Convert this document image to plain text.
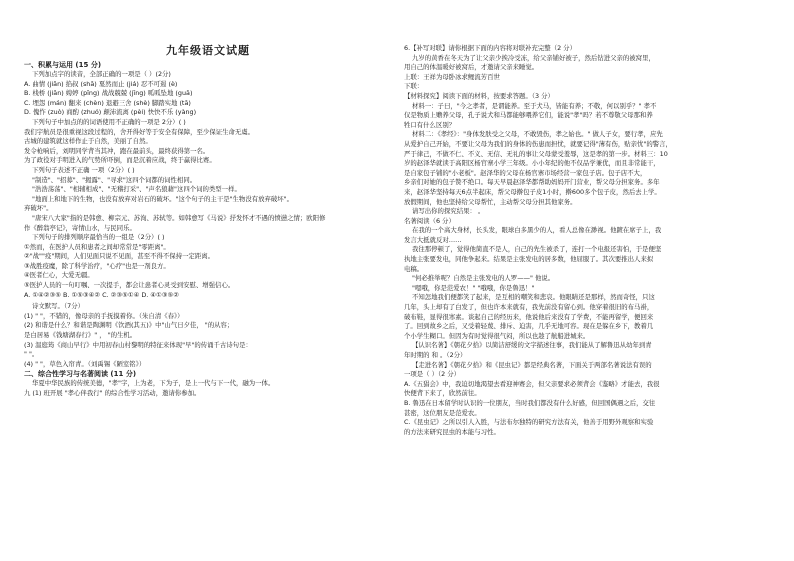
九年级语文试题
一、积累与运用 (15 分)
下列加点字的读音，全部正确的一项是（ ）(2分)
A. 曲情 (jiān) 掐叔 (shā) 戛然而止 (jiá) 忍不可遏 (è)
B. 栈桥 (jiān) 娉婷 (pīng) 战战兢兢 (jīng) 呱呱坠地 (guā)
C. 埋怨 (mán) 翻来 (chèn) 退避三舍 (shè) 脚踏实地 (tā)
D. 傀怍 (zuò) 商酌 (zhuó) 颠沛流离 (pèi) 快快不乐 (yàng)
下列句子中加点的的词语使用不正确的一项是 2分）( )
我们宇航员是很重视这段过程的，舍开得好等于安全有保障，至少保证生命无虞。
古城的建筑就这样作止于自然，美丽了自然。
发令枪响后，刘明同学背当其冲，跑在最前头，最终获得第一名。
为了政役对手明进入的气势所吓倒，而是沉着应战，终于赢得比赛。
下列句子表述不正确 一项（2分）( )
"制造"、"招募"、"揭露"、"寻求"这四个词都的词性相同。
"浩浩荡荡"、"相辅相成"、"无稽打采"、"声名狼藉"这四个词的类型一样。
"地面上和地下的生物，也没有放弃对岩石的破坏。"这个句子的主干是"生物没有放弃破坏"。
弃破坏"。
"唐宋八大家"指的是韩愈、柳宗元、苏洵、苏轼等。如韩愈写《马说》抒发怀才不遇的愤懑之情；欧阳修
作《醉翁亭记》，寄情山水，与民同乐。
下列句子的排列顺序最恰当的一组是（2分）( )
①然而，在医护人员和患者之间却常常是"零距离"。
②"战""疫"期间，人们见面只说不见面，甚至不得不保持一定距离。
③战胜疫魔，除了科学治疗，"心疗"也是一剂良方。
④医者仁心，大爱无疆。
⑤医护人员的一句叮嘱、一次提手，都会让患者心灵受到安慰、增强信心。
A. ①④②③⑤ B. ①⑤③④② C. ②③⑤①④ D. ④①③⑤②
诗文默写。（7分）
(1) " "，不错的，像母亲的手抚摸着你。（朱自清《春》）
(2) 和谐是什么？和谐是陶渊明《饮酒(其五)》中"山气日夕佳， "的从容；
是白居易《钱塘湖春行》" ， "的生机。
(3) 温庭筠《商山早行》中用初春山村黎明的特征来体现"早"的传诵千古诗句是：
" "。
(4) " "，草色入帘青。（刘禹锡《陋室铭》）
二、综合性学习与名著阅读 (11 分)
华夏中华民族的传统美德，"孝"字，上为老，下为子，是上一代与下一代，融为一体。
九 (1) 班开展 "孝心伴我行" 的综合性学习活动，邀请你参加。
6.【补写对联】请你根据下面的内容将对联补充完整（2 分）
九岁的黄香在冬天为了让父亲少挨冷受冻，给父亲铺好被子，然后钻进父亲的被窝里，
用自己的体温暖好被窝后，才邀请父亲来睡觉。
上联：王祥为母卧冰求鲤流芳百世
下联：
【材料探究】阅读下面的材料，按要求答题。（3 分）
材料一：子曰，"今之孝者，是谓能养。至于犬马，皆能有养；不敬，何以别乎？" 孝不
仅是物质上赡养父母，孔子说犬和马都能够喂养它们，能说"孝"吗？若不尊敬父母那和养
牲口有什么区别？
材料二：《孝经》："身体发肤受之父母，不敢毁伤，孝之始也。" 做人子女，要行孝，应先
从爱护自己开始，不要让父母为我们的身体的伤患而担忧，就要记得"薄有伤，贴亲忧"的警言，
严于律己，不做不仁、不义、无信、无礼的事让父母蒙受羞辱，这是孝的第一步。材料三：10
岁的赵泽华就读于高阳区杨官寨小学三年级。小小年纪的他不仅品学兼优，而且非常能干，
是自家包子铺的"小老板"。赵泽华的父母在杨官寨市场经营一家包子店。包子店不大，
乡亲们对她的包子赞不绝口。每天早晨赵泽华都帮助妈妈开门营业，帮父母分担家务。多年
来，赵泽华坚持每天6点半起床，帮父母擀包子皮1小时，擀600多个包子皮，然后去上学。
放假期间，他也坚持给父母帮忙，主动帮父母分担其他家务。
请写出你的探究结果： 。
名著阅读（6 分）
在我的一个高大身材，长头发，眼球白多黑少的人，看人总像在渺视。他踱在席子上，我
发言大抵就反对……
我往那停顿了，觉得他简直不是人，自己的先生被杀了，连打一个电报还害怕，于是便坚
执地主张要发电，同他争起来。结果是主张发电的居多数，他屈服了。其次要推出人来拟
电稿。
"何必推举呢？自然是主张发电的人罗——" 他说。
"嗯哦，你是范爱农！" "哦哦，你是鲁迅！"
不知怎地我们便都笑了起来，是互相的嘲笑和悲哀。他眼睛还是那样，然而奇怪，只这
几年，头上却有了白发了，但也许本来就有，我先前没有留心到。他穿着很旧的布马褂，
破布鞋，显得很寒素。谈起自己的经历来，他说他后来没有了学费，不能再留学，便回来
了。回到故乡之后，又受着轻蔑、排斥、迫害，几乎无地可容。现在是躲在乡下，教着几
个小学生糊口。但因为有时觉得很气闷，所以也趁了航船进城来。
【认识名著】《朝花夕拾》以简洁舒缓的文字描述往事，我们能从了解鲁迅从幼年到青
年时期的 和 。（2分）
【走进名著】《朝花夕拾》和《昆虫记》都是经典名著，下面关于两部名著说法有误的
一项是（ ）（2 分）
A.《五猖会》中，我迫切地渴望去看迎神赛会，但父亲要求必须背会《鉴略》才能去，我很
快便背下来了，欣然前往。
B. 鲁迅在日本留学时认识的一位朋友，当时我们都没有什么好感，但回国偶遇之后，交往
甚密，这位朋友是范爱农。
C.《昆虫记》之所以引人入胜，与法布尔独特的研究方法有关，他善于用野外观察和实验
的方法来研究昆虫的本能与习性。
